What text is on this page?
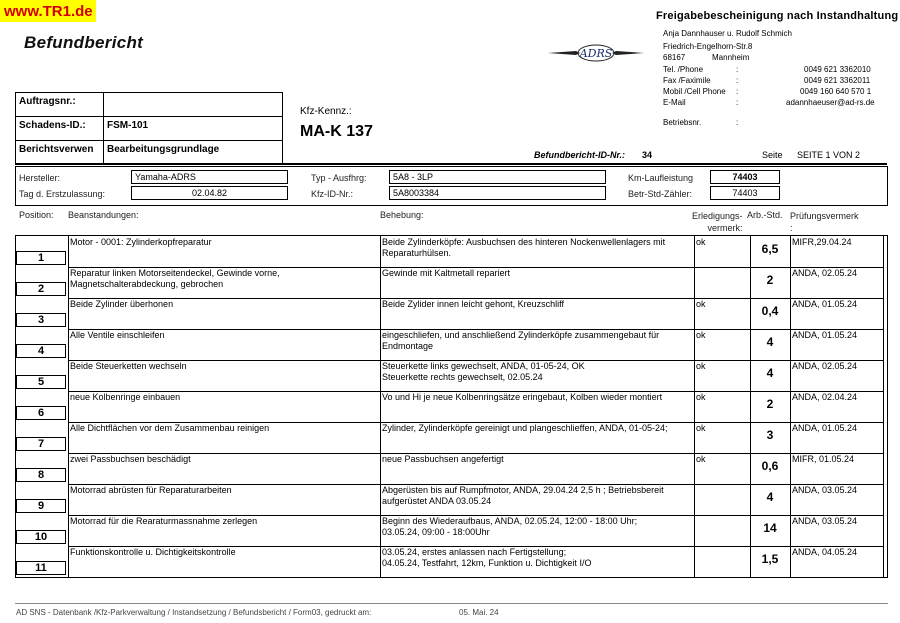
www.TR1.de
Befundbericht
Freigabebescheinigung nach Instandhaltung
ADRS
Anja Dannhauser u. Rudolf Schmich
Friedrich-Engelhorn-Str.8
68167	Mannheim
Tel. /Phone	:	0049 621 3362010
Fax /Faximile	:	0049 621 3362011
Mobil /Cell Phone :	0049 160 640 570 1
E-Mail	:	adannhaeuser@ad-rs.de
Betriebsnr.	:
Auftragsnr.:
Schadens-ID.:	FSM-101
Berichtsverwen	Bearbeitungsgrundlage
Kfz-Kennz.:
MA-K 137
Befundbericht-ID-Nr.: 34	Seite SEITE 1 VON 2
Hersteller:	Yamaha-ADRS
Tag d. Erstzulassung:	02.04.82
Typ - Ausfhrg:	5A8 - 3LP
Kfz-ID-Nr.:	5A8003384
Km-Laufleistung	74403
Betr-Std-Zähler:	74403
Position: Beanstandungen:	Behebung:	Erledigungs-
vermerk:
Arb.-Std. Prüfungsvermerk
:
1
Motor - 0001: Zylinderkopfreparatur	Beide Zylinderköpfe: Ausbuchsen des hinteren Nockenwellenlagers mit
Reparaturhülsen.
ok	6,5	MIFR,29.04.24
2
Reparatur linken Motorseitendeckel, Gewinde vorne,
Magnetschalterabdeckung, gebrochen
Gewinde mit Kaltmetall repariert	2	ANDA, 02.05.24
3
Beide Zylinder überhonen	Beide Zylider innen leicht gehont, Kreuzschliff	ok	0,4	ANDA, 01.05.24
4
Alle Ventile einschleifen	eingeschliefen, und anschließend Zylinderköpfe zusammengebaut für
Endmontage
ok	4	ANDA, 01.05.24
5
Beide Steuerketten wechseln	Steuerkette links gewechselt, ANDA, 01-05-24, OK
Steuerkette rechts gewechselt, 02.05.24
ok	4	ANDA, 02.05.24
6
neue Kolbenringe einbauen	Vo und Hi je neue Kolbenringsätze eringebaut, Kolben wieder montiert	ok	2	ANDA, 02.04.24
7
Alle Dichtflächen vor dem Zusammenbau reinigen	Zylinder, Zylinderköpfe gereinigt und plangeschlieffen, ANDA, 01-05-24;	ok	3	ANDA, 01.05.24
8
zwei Passbuchsen beschädigt	neue Passbuchsen angefertigt	ok	0,6	MIFR, 01.05.24
9
Motorrad abrüsten für Reparaturarbeiten	Abgerüsten bis auf Rumpfmotor, ANDA, 29.04.24 2,5 h ; Betriebsbereit
aufgerüstet ANDA 03.05.24	4	ANDA, 03.05.24
10
Motorrad für die Rearaturmassnahme zerlegen	Beginn des Wiederaufbaus, ANDA, 02.05.24, 12:00 - 18:00 Uhr;
03.05.24, 09:00 - 18:00Uhr	14	ANDA, 03.05.24
11
Funktionskontrolle u. Dichtigkeitskontrolle	03.05.24, erstes anlassen nach Fertigstellung;
04.05.24, Testfahrt, 12km, Funktion u. Dichtigkeit I/O	1,5	ANDA, 04.05.24
AD SNS - Datenbank /Kfz-Parkverwaltung / Instandsetzung / Befundsbericht / Form03, gedruckt am:	05. Mai. 24
